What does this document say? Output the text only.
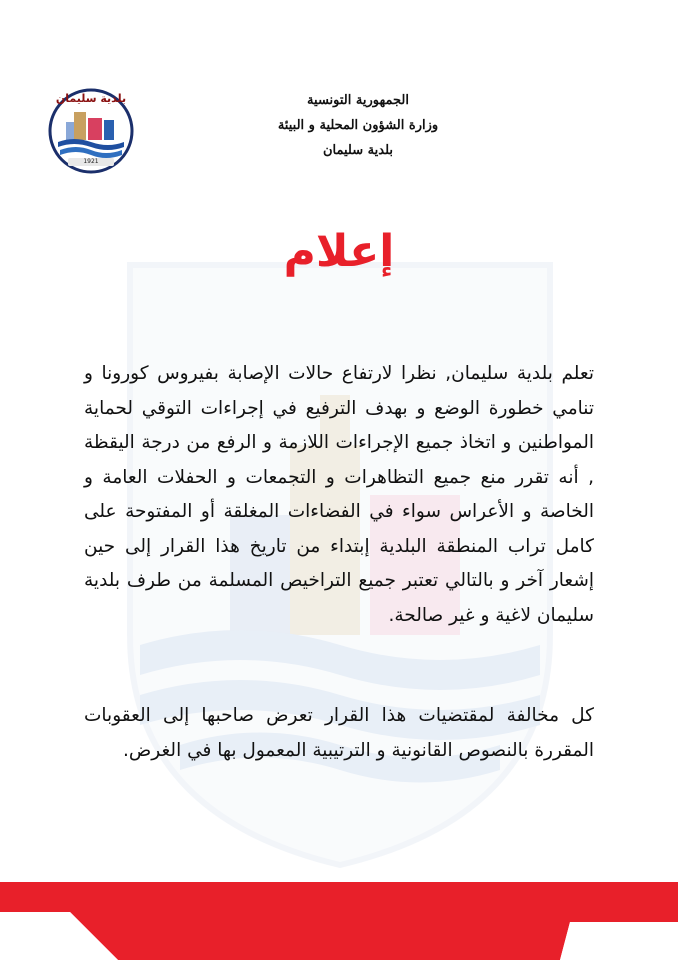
بلدية سليمان
1921
الجمهورية التونسية
وزارة الشؤون المحلية و البيئة
بلدية سليمان
إعلام

تعلم بلدية سليمان, نظرا لارتفاع حالات الإصابة بفيروس كورونا و تنامي خطورة الوضع و بهدف الترفيع في إجراءات التوقي لحماية المواطنين و اتخاذ جميع الإجراءات اللازمة و الرفع من درجة اليقظة , أنه تقرر منع جميع التظاهرات و التجمعات و الحفلات العامة و الخاصة و الأعراس سواء في الفضاءات المغلقة أو المفتوحة على كامل تراب المنطقة البلدية إبتداء من تاريخ هذا القرار إلى حين إشعار آخر و بالتالي تعتبر جميع التراخيص المسلمة من طرف بلدية سليمان لاغية و غير صالحة.

كل مخالفة لمقتضيات هذا القرار تعرض صاحبها إلى العقوبات المقررة بالنصوص القانونية و الترتيبية المعمول بها في الغرض.
